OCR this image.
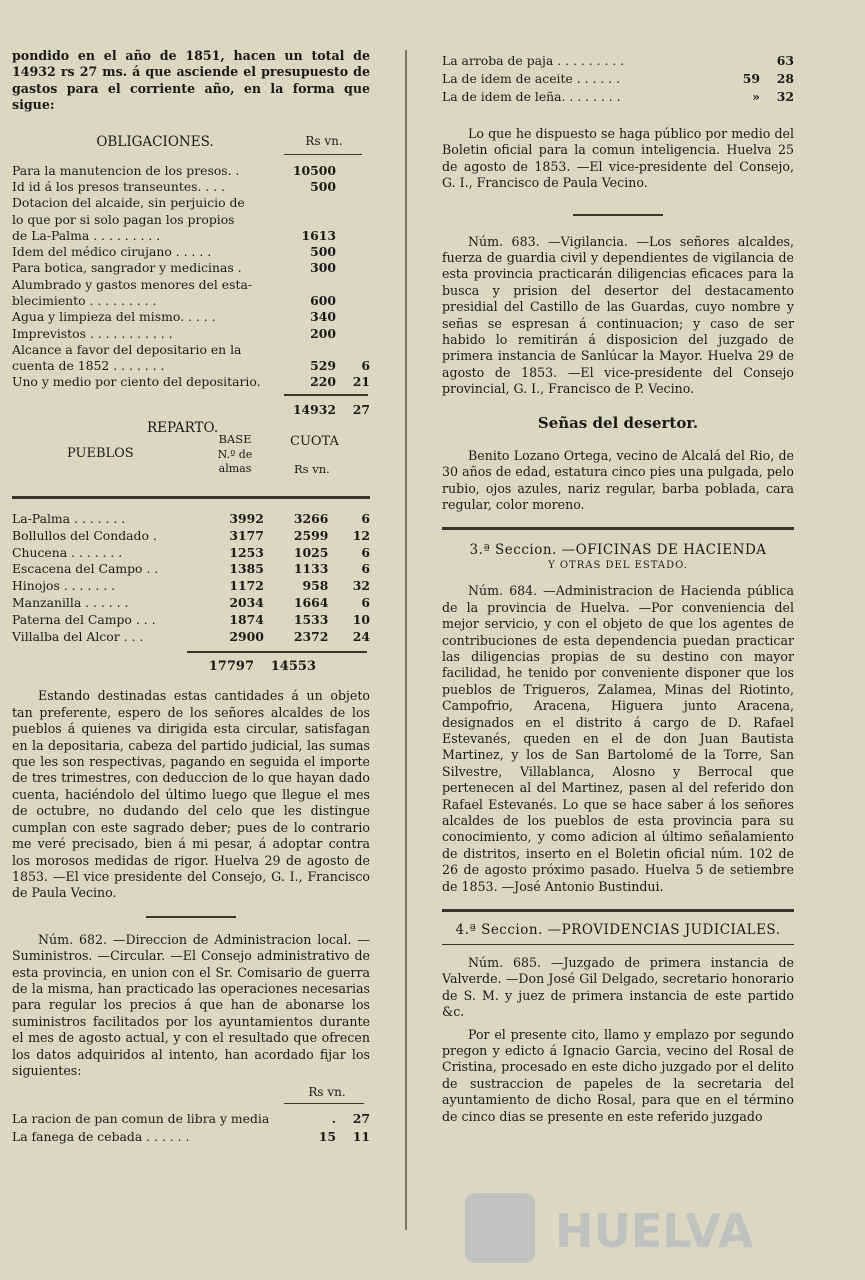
pondido en el año de 1851, hacen un total de 14932 rs 27 ms. á que asciende el presupuesto de gastos para el corriente año, en la forma que sigue:

OBLIGACIONES.	Rs vn.
Para la manutencion de los presos. .	10500
Id id á los presos transeuntes. . . .	500
Dotacion del alcaide, sin perjuicio de
lo que por si solo pagan los propios
de La-Palma . . . . . . . . .	1613
Idem del médico cirujano . . . . .	500
Para botica, sangrador y medicinas .	300
Alumbrado y gastos menores del esta-
blecimiento . . . . . . . . .	600
Agua y limpieza del mismo. . . . .	340
Imprevistos . . . . . . . . . . .	200
Alcance a favor del depositario en la
cuenta de 1852 . . . . . . .	529	6
Uno y medio por ciento del depositario.	220	21
14932	27
REPARTO.
PUEBLOS
BASE
N.º de almas
CUOTA
Rs vn.
La-Palma . . . . . . .	3992	3266	6
Bollullos del Condado .	3177	2599	12
Chucena . . . . . . .	1253	1025	6
Escacena del Campo . .	1385	1133	6
Hinojos . . . . . . .	1172	958	32
Manzanilla . . . . . .	2034	1664	6
Paterna del Campo . . .	1874	1533	10
Villalba del Alcor . . .	2900	2372	24
17797	14553

Estando destinadas estas cantidades á un objeto tan preferente, espero de los señores alcaldes de los pueblos á quienes va dirigida esta circular, satisfagan en la depositaria, cabeza del partido judicial, las sumas que les son respectivas, pagando en seguida el importe de tres trimestres, con deduccion de lo que hayan dado cuenta, haciéndolo del último luego que llegue el mes de octubre, no dudando del celo que les distingue cumplan con este sagrado deber; pues de lo contrario me veré precisado, bien á mi pesar, á adoptar contra los morosos medidas de rigor. Huelva 29 de agosto de 1853. —El vice presidente del Consejo, G. I., Francisco de Paula Vecino.

Núm. 682. —Direccion de Administracion local. —Suministros. —Circular. —El Consejo administrativo de esta provincia, en union con el Sr. Comisario de guerra de la misma, han practicado las operaciones necesarias para regular los precios á que han de abonarse los suministros facilitados por los ayuntamientos durante el mes de agosto actual, y con el resultado que ofrecen los datos adquiridos al intento, han acordado fijar los siguientes:

Rs vn.
La racion de pan comun de libra y media	.	27
La fanega de cebada . . . . . .	15	11
La arroba de paja . . . . . . . . .	63
La de idem de aceite . . . . . .	59	28
La de idem de leña. . . . . . . .	»	32

Lo que he dispuesto se haga público por medio del Boletin oficial para la comun inteligencia. Huelva 25 de agosto de 1853. —El vice-presidente del Consejo, G. I., Francisco de Paula Vecino.

Núm. 683. —Vigilancia. —Los señores alcaldes, fuerza de guardia civil y dependientes de vigilancia de esta provincia practicarán diligencias eficaces para la busca y prision del desertor del destacamento presidial del Castillo de las Guardas, cuyo nombre y señas se espresan á continuacion; y caso de ser habido lo remitirán á disposicion del juzgado de primera instancia de Sanlúcar la Mayor. Huelva 29 de agosto de 1853. —El vice-presidente del Consejo provincial, G. I., Francisco de P. Vecino.

Señas del desertor.

Benito Lozano Ortega, vecino de Alcalá del Rio, de 30 años de edad, estatura cinco pies una pulgada, pelo rubio, ojos azules, nariz regular, barba poblada, cara regular, color moreno.

3.ª Seccion. —OFICINAS DE HACIENDA

Y OTRAS DEL ESTADO.

Núm. 684. —Administracion de Hacienda pública de la provincia de Huelva. —Por conveniencia del mejor servicio, y con el objeto de que los agentes de contribuciones de esta dependencia puedan practicar las diligencias propias de su destino con mayor facilidad, he tenido por conveniente disponer que los pueblos de Trigueros, Zalamea, Minas del Riotinto, Campofrio, Aracena, Higuera junto Aracena, designados en el distrito á cargo de D. Rafael Estevanés, queden en el de don Juan Bautista Martinez, y los de San Bartolomé de la Torre, San Silvestre, Villablanca, Alosno y Berrocal que pertenecen al del Martinez, pasen al del referido don Rafael Estevanés. Lo que se hace saber á los señores alcaldes de los pueblos de esta provincia para su conocimiento, y como adicion al último señalamiento de distritos, inserto en el Boletin oficial núm. 102 de 26 de agosto próximo pasado. Huelva 5 de setiembre de 1853. —José Antonio Bustindui.

4.ª Seccion. —PROVIDENCIAS JUDICIALES.

Núm. 685. —Juzgado de primera instancia de Valverde. —Don José Gil Delgado, secretario honorario de S. M. y juez de primera instancia de este partido &c.

Por el presente cito, llamo y emplazo por segundo pregon y edicto á Ignacio Garcia, vecino del Rosal de Cristina, procesado en este dicho juzgado por el delito de sustraccion de papeles de la secretaria del ayuntamiento de dicho Rosal, para que en el término de cinco dias se presente en este referido juzgado

HUELVA
